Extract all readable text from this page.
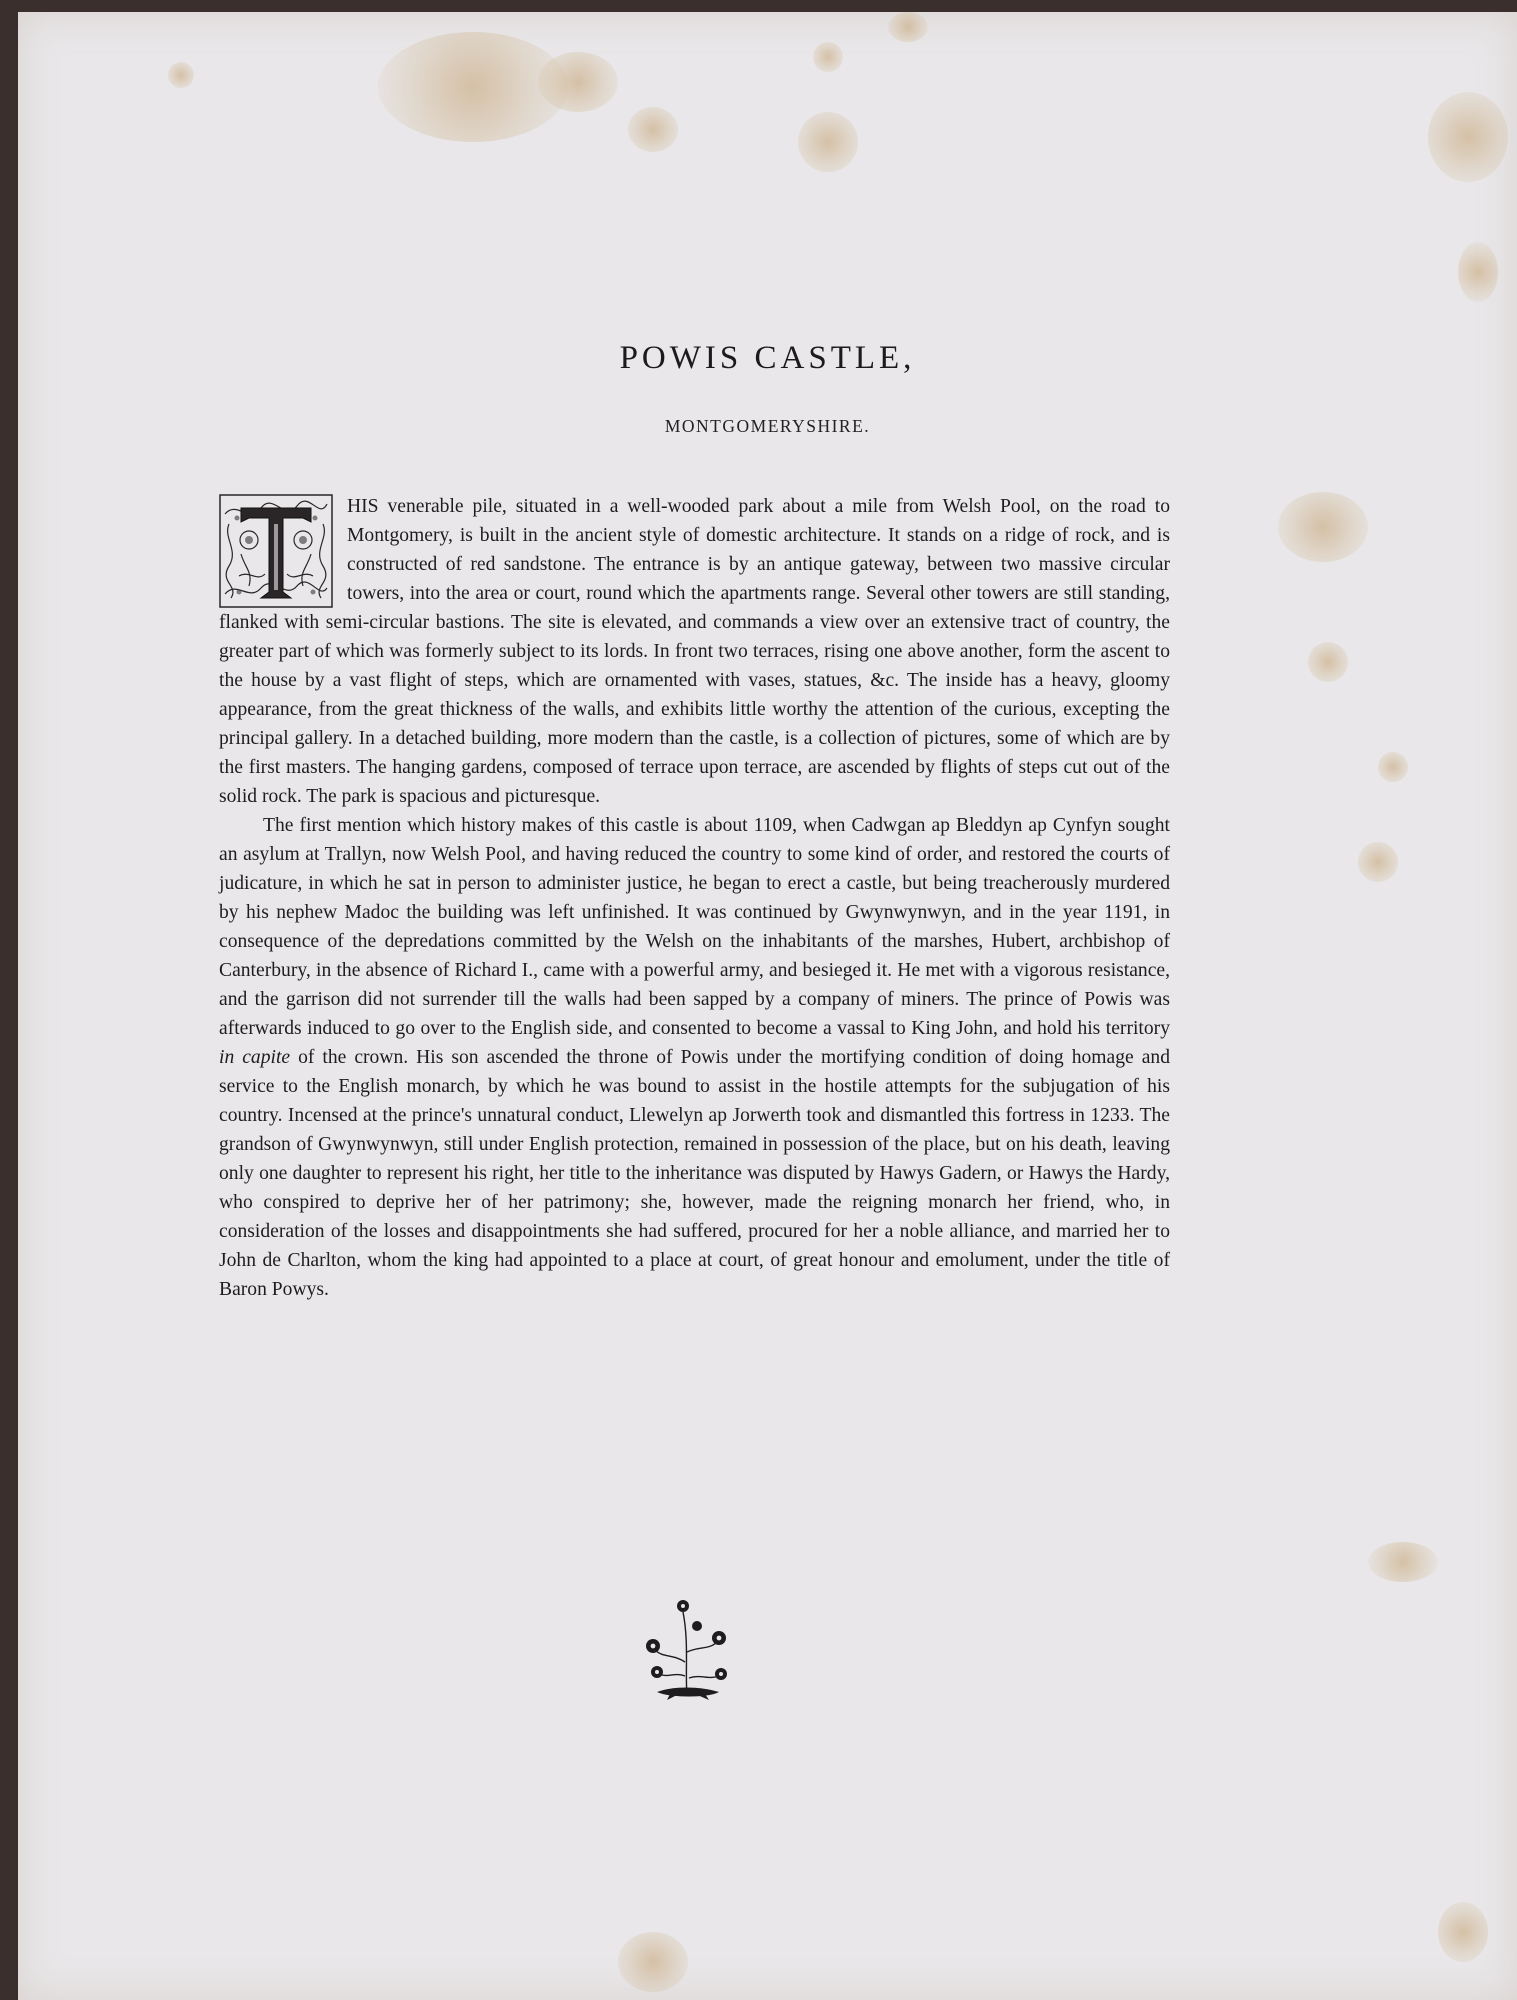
POWIS CASTLE,
MONTGOMERYSHIRE.

HIS venerable pile, situated in a well-wooded park about a mile from Welsh Pool, on the road to Montgomery, is built in the ancient style of domestic architecture. It stands on a ridge of rock, and is constructed of red sandstone. The entrance is by an antique gateway, between two massive circular towers, into the area or court, round which the apartments range. Several other towers are still standing, flanked with semi-circular bastions. The site is elevated, and commands a view over an extensive tract of country, the greater part of which was formerly subject to its lords. In front two terraces, rising one above another, form the ascent to the house by a vast flight of steps, which are ornamented with vases, statues, &c. The inside has a heavy, gloomy appearance, from the great thickness of the walls, and exhibits little worthy the attention of the curious, excepting the principal gallery. In a detached building, more modern than the castle, is a collection of pictures, some of which are by the first masters. The hanging gardens, composed of terrace upon terrace, are ascended by flights of steps cut out of the solid rock. The park is spacious and picturesque.

The first mention which history makes of this castle is about 1109, when Cadwgan ap Bleddyn ap Cynfyn sought an asylum at Trallyn, now Welsh Pool, and having reduced the country to some kind of order, and restored the courts of judicature, in which he sat in person to administer justice, he began to erect a castle, but being treacherously murdered by his nephew Madoc the building was left unfinished. It was continued by Gwynwynwyn, and in the year 1191, in consequence of the depredations committed by the Welsh on the inhabitants of the marshes, Hubert, archbishop of Canterbury, in the absence of Richard I., came with a powerful army, and besieged it. He met with a vigorous resistance, and the garrison did not surrender till the walls had been sapped by a company of miners. The prince of Powis was afterwards induced to go over to the English side, and consented to become a vassal to King John, and hold his territory in capite of the crown. His son ascended the throne of Powis under the mortifying condition of doing homage and service to the English monarch, by which he was bound to assist in the hostile attempts for the subjugation of his country. Incensed at the prince's unnatural conduct, Llewelyn ap Jorwerth took and dismantled this fortress in 1233. The grandson of Gwynwynwyn, still under English protection, remained in possession of the place, but on his death, leaving only one daughter to represent his right, her title to the inheritance was disputed by Hawys Gadern, or Hawys the Hardy, who conspired to deprive her of her patrimony; she, however, made the reigning monarch her friend, who, in consideration of the losses and disappointments she had suffered, procured for her a noble alliance, and married her to John de Charlton, whom the king had appointed to a place at court, of great honour and emolument, under the title of Baron Powys.
